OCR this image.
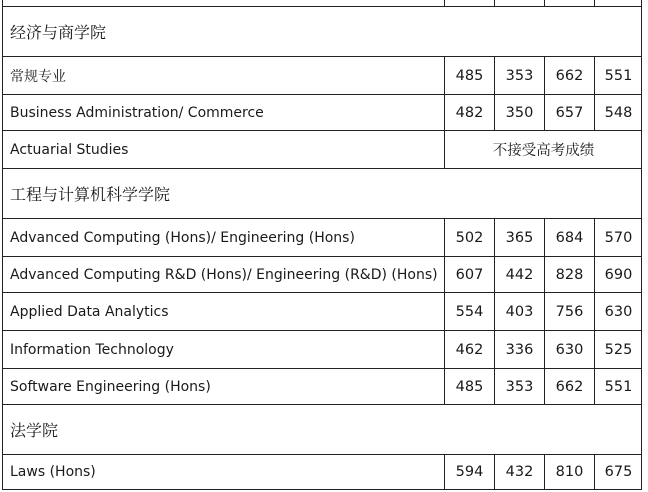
经济与商学院
常规专业	485	353	662	551
Business Administration/ Commerce	482	350	657	548
Actuarial Studies	不接受高考成绩
工程与计算机科学学院
Advanced Computing (Hons)/ Engineering (Hons)	502	365	684	570
Advanced Computing R&D (Hons)/ Engineering (R&D) (Hons)	607	442	828	690
Applied Data Analytics	554	403	756	630
Information Technology	462	336	630	525
Software Engineering (Hons)	485	353	662	551
法学院
Laws (Hons)	594	432	810	675
